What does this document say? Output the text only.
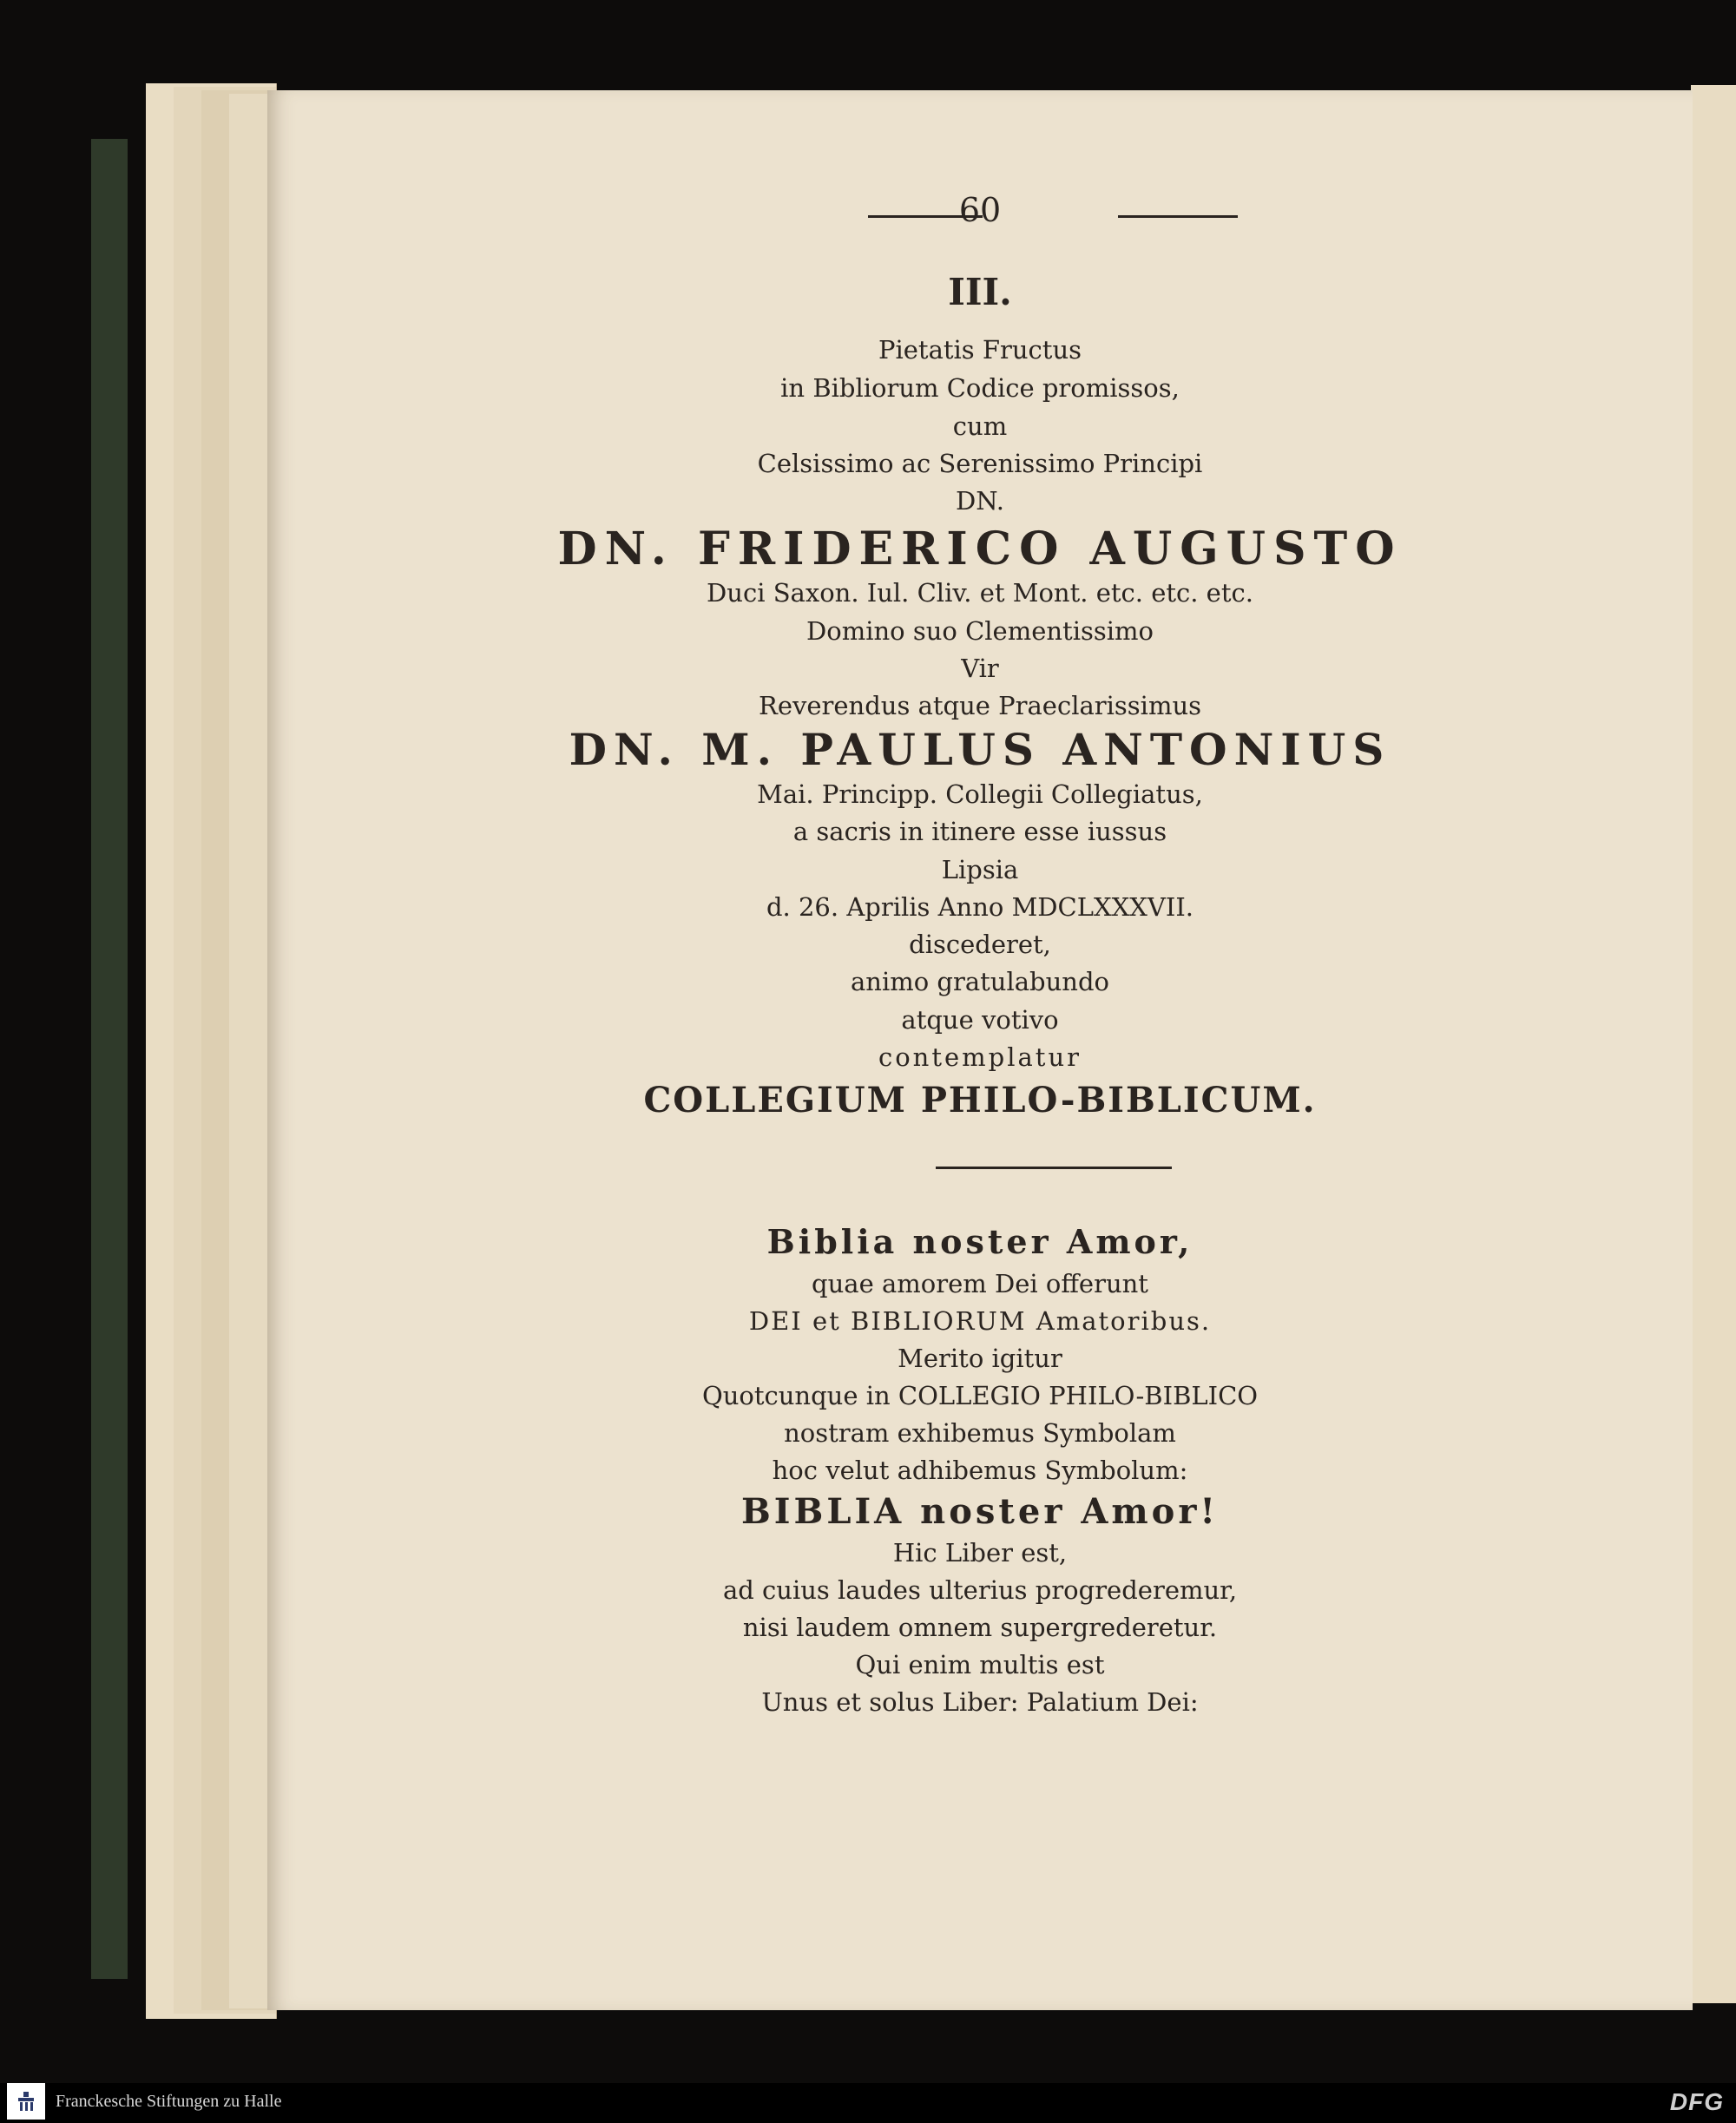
60
III.
Pietatis Fructus
in Bibliorum Codice promissos,
cum
Celsissimo ac Serenissimo Principi
DN.
DN. FRIDERICO AUGUSTO
Duci Saxon. Iul. Cliv. et Mont. etc. etc. etc.
Domino suo Clementissimo
Vir
Reverendus atque Praeclarissimus
DN. M. PAULUS ANTONIUS
Mai. Principp. Collegii Collegiatus,
a sacris in itinere esse iussus
Lipsia
d. 26. Aprilis Anno MDCLXXXVII.
discederet,
animo gratulabundo
atque votivo
contemplatur
COLLEGIUM PHILO-BIBLICUM.
Biblia noster Amor,
quae amorem Dei offerunt
DEI et BIBLIORUM Amatoribus.
Merito igitur
Quotcunque in COLLEGIO PHILO-BIBLICO
nostram exhibemus Symbolam
hoc velut adhibemus Symbolum:
BIBLIA noster Amor!
Hic Liber est,
ad cuius laudes ulterius progrederemur,
nisi laudem omnem supergrederetur.
Qui enim multis est
Unus et solus Liber: Palatium Dei:
Franckesche Stiftungen zu Halle	DFG
